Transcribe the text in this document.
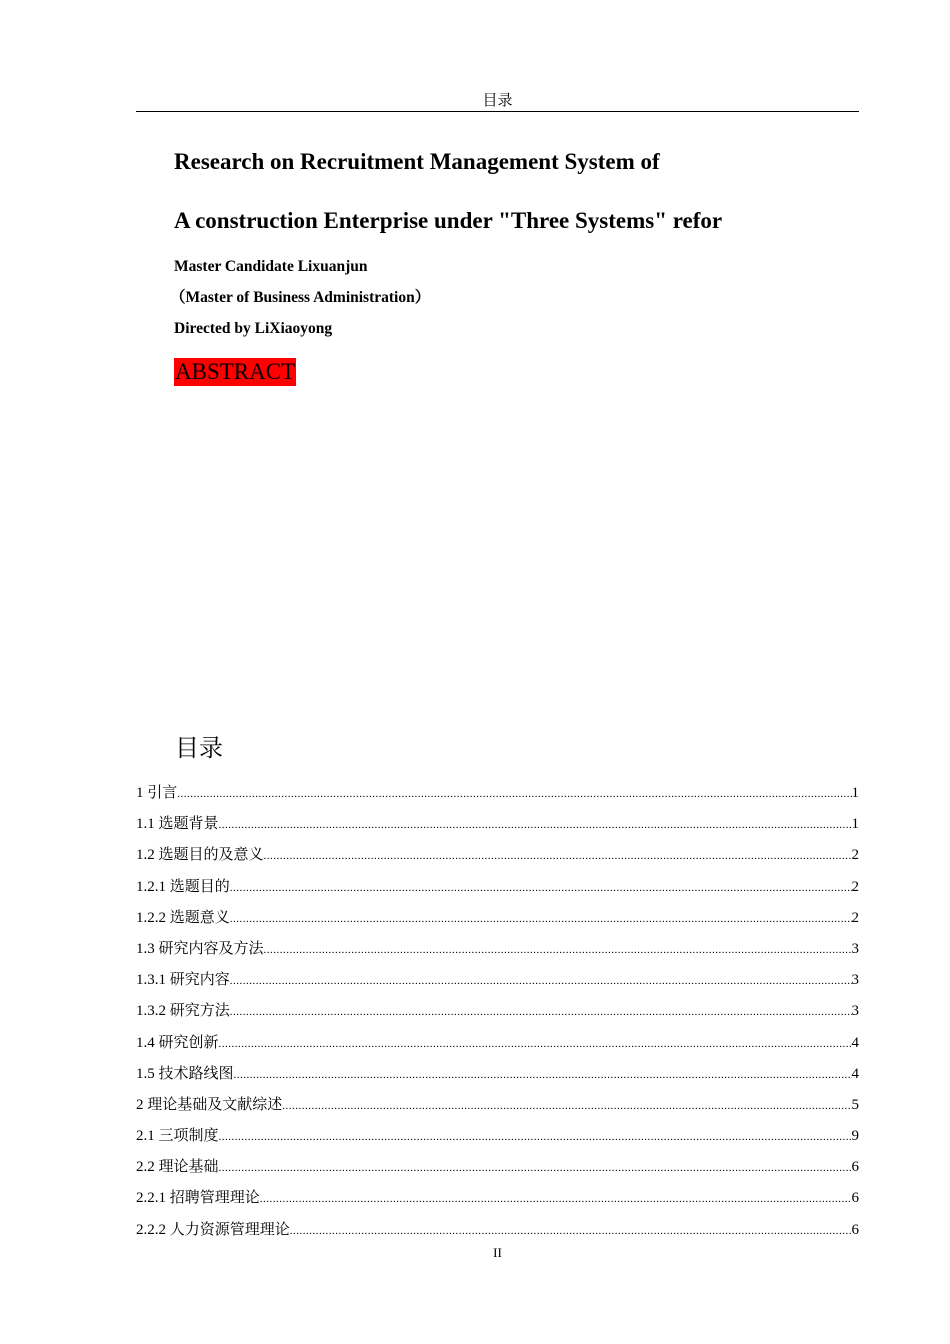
目录
Research on Recruitment Management System of
A construction Enterprise under "Three Systems" refor
Master Candidate Lixuanjun
（Master of Business Administration）
Directed by LiXiaoyong
ABSTRACT
目录
1 引言 .....	1
1.1 选题背景 .....	1
1.2 选题目的及意义 .....	2
1.2.1 选题目的 .....	2
1.2.2 选题意义 .....	2
1.3 研究内容及方法 .....	3
1.3.1 研究内容 .....	3
1.3.2 研究方法 .....	3
1.4 研究创新 .....	4
1.5 技术路线图 .....	4
2 理论基础及文献综述 .....	5
2.1 三项制度 .....	9
2.2 理论基础 .....	6
2.2.1 招聘管理理论 .....	6
2.2.2 人力资源管理理论 .....	6
II
